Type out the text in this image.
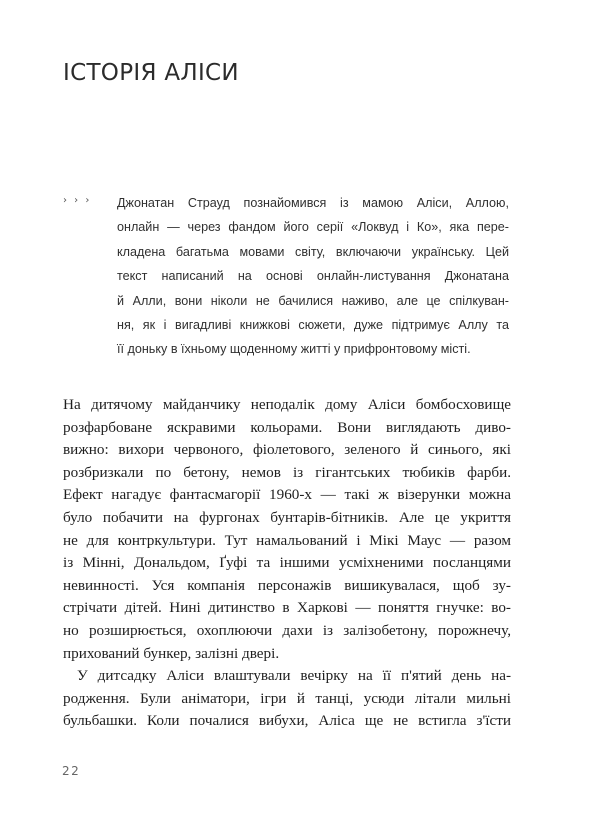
ІСТОРІЯ АЛІСИ
› › › Джонатан Страуд познайомився із мамою Аліси, Аллою,
онлайн — через фандом його серії «Локвуд і Ко», яка пере-
кладена багатьма мовами світу, включаючи українську. Цей
текст написаний на основі онлайн-листування Джонатана
й Алли, вони ніколи не бачилися наживо, але це спілкуван-
ня, як і вигадливі книжкові сюжети, дуже підтримує Аллу та
її доньку в їхньому щоденному житті у прифронтовому місті.
На дитячому майданчику неподалік дому Аліси бомбосховище
розфарбоване яскравими кольорами. Вони виглядають диво-
вижно: вихори червоного, фіолетового, зеленого й синього, які
розбризкали по бетону, немов із гігантських тюбиків фарби.
Ефект нагадує фантасмагорії 1960-х — такі ж візерунки можна
було побачити на фургонах бунтарів-бітників. Але це укриття
не для контркультури. Тут намальований і Мікі Маус — разом
із Мінні, Дональдом, Ґуфі та іншими усміхненими посланцями
невинності. Уся компанія персонажів вишикувалася, щоб зу-
стрічати дітей. Нині дитинство в Харкові — поняття гнучке: во-
но розширюється, охоплюючи дахи із залізобетону, порожнечу,
прихований бункер, залізні двері.
У дитсадку Аліси влаштували вечірку на її п'ятий день на-
родження. Були аніматори, ігри й танці, усюди літали мильні
бульбашки. Коли почалися вибухи, Аліса ще не встигла з'їсти
22
